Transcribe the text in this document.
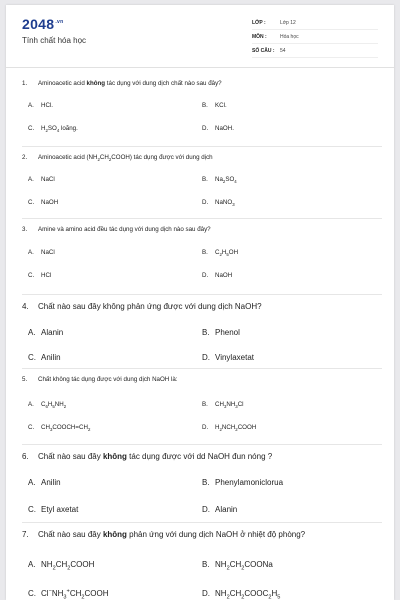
$2048^{.vn}$
Tính chất hóa học
LỚP :	Lớp 12
MÔN :	Hóa học
SỐ CÂU :	54
1.	Aminoacetic acid không tác dụng với dung dịch chất nào sau đây?
A.	HCl.	B.	KCl.
C.	$H_2SO_4$ loãng.	D.	NaOH.
2.	Aminoacetic acid $(NH_2CH_2COOH)$ tác dụng được với dung dịch
A.	NaCl	B.	$Na_2SO_4$
C.	NaOH	D.	NaNO$_3$
3.	Amine và amino acid đều tác dụng với dung dịch nào sau đây?
A.	NaCl	B.	$C_2H_5OH$
C.	HCl	D.	NaOH
4.	Chất nào sau đây không phản ứng được với dung dịch NaOH?
A. Alanin	B. Phenol
C. Anilin	D. Vinylaxetat
5.	Chất không tác dụng được với dung dịch NaOH là:
A.	$C_6H_5NH_2$	B.	$CH_3NH_3Cl$
C.	$CH_3COOCH=CH_2$	D.	$H_2NCH_2COOH$
6.	Chất nào sau đây không tác dụng được với dd NaOH đun nóng ?
A. Anilin	B. Phenylamoniclorua
C. Etyl axetat	D. Alanin
7.	Chất nào sau đây không phản ứng với dung dịch NaOH ở nhiệt độ phòng?
A. $NH_2CH_2COOH$	B. $NH_2CH_2COONa$
C. $Cl^-NH_3^+CH_2COOH$	D. $NH_2CH_2COOC_2H_5$
